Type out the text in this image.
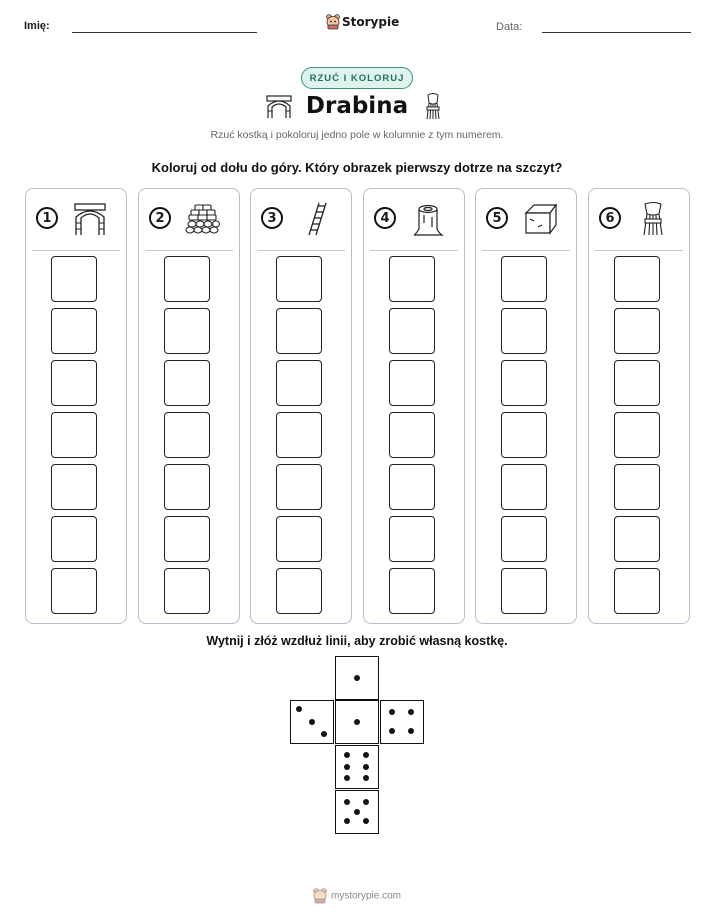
Imię:	Storypie	Data:
RZUĆ I KOLORUJ
Drabina
Rzuć kostką i pokoloruj jedno pole w kolumnie z tym numerem.
Koloruj od dołu do góry. Który obrazek pierwszy dotrze na szczyt?
1	2	3	4	5	6
Wytnij i złóż wzdłuż linii, aby zrobić własną kostkę.
mystorypie.com
